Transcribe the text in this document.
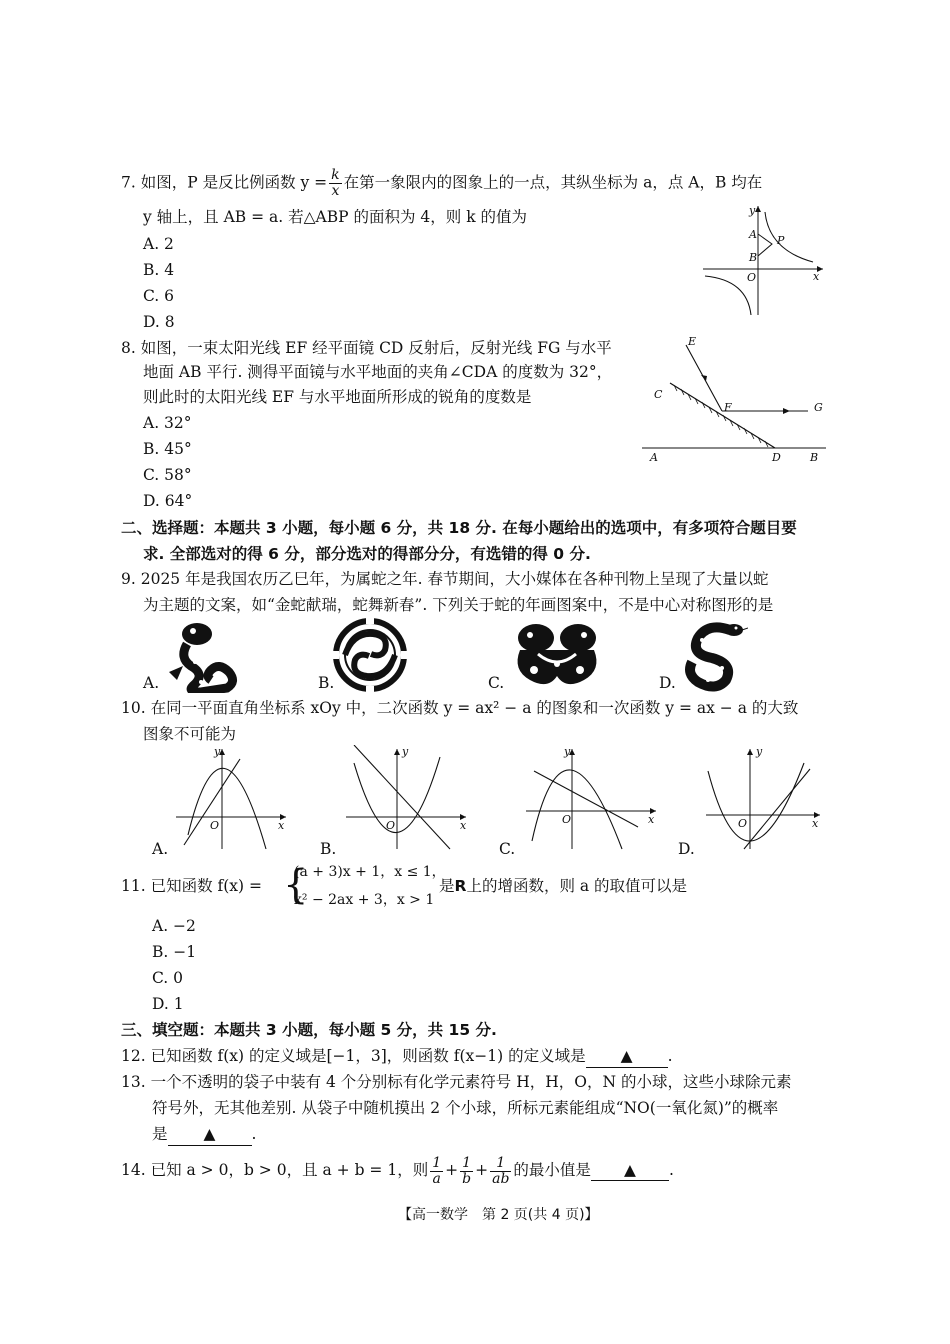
7. 如图，P 是反比例函数 $y = \frac{k}{x}$ 在第一象限内的图象上的一点，其纵坐标为 a，点 A，B 均在
y 轴上，且 AB = a. 若△ABP 的面积为 4，则 k 的值为
A. 2
B. 4
C. 6
D. 8
y
A P
B
O	x
8. 如图，一束太阳光线 EF 经平面镜 CD 反射后，反射光线 FG 与水平
地面 AB 平行. 测得平面镜与水平地面的夹角∠CDA 的度数为 32°，
则此时的太阳光线 EF 与水平地面所形成的锐角的度数是
A. 32°
B. 45°
C. 58°
D. 64°
E
C
F	G
A	D	B
二、选择题：本题共 3 小题，每小题 6 分，共 18 分. 在每小题给出的选项中，有多项符合题目要
求. 全部选对的得 6 分，部分选对的得部分分，有选错的得 0 分.
9. 2025 年是我国农历乙巳年，为属蛇之年. 春节期间，大小媒体在各种刊物上呈现了大量以蛇
为主题的文案，如“金蛇献瑞，蛇舞新春”. 下列关于蛇的年画图案中，不是中心对称图形的是
A.	B.	C.	D.
10. 在同一平面直角坐标系 xOy 中，二次函数 y = ax² − a 的图象和一次函数 y = ax − a 的大致
图象不可能为
y
O	x
y
O	x
y
O	x
y
O	x
A.	B.	C.	D.
11. 已知函数 f(x) = {
(a + 3)x + 1，x ≤ 1，
x² − 2ax + 3，x > 1
是R上的增函数，则 a 的取值可以是
A. −2
B. −1
C. 0
D. 1
三、填空题：本题共 3 小题，每小题 5 分，共 15 分.
12. 已知函数 f(x) 的定义域是[−1，3]，则函数 f(x−1) 的定义域是 ▲ .
13. 一个不透明的袋子中装有 4 个分别标有化学元素符号 H，H，O，N 的小球，这些小球除元素
符号外，无其他差别. 从袋子中随机摸出 2 个小球，所标元素能组成“NO(一氧化氮)”的概率
是 ▲ .
14. 已知 a > 0，b > 0，且 a + b = 1，则 $\frac{1}{a} + \frac{1}{b} + \frac{1}{ab}$ 的最小值是 ▲ .
【高一数学　第 2 页(共 4 页)】
